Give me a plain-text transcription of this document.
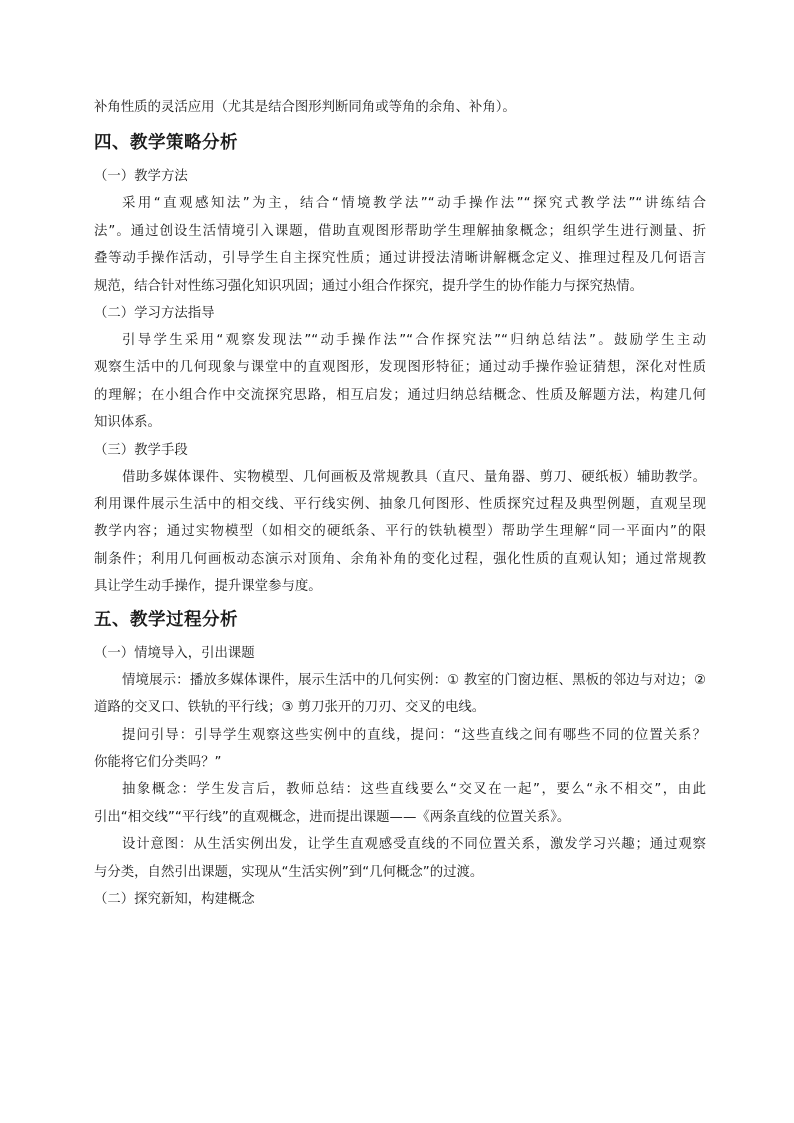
补角性质的灵活应用（尤其是结合图形判断同角或等角的余角、补角）。
四、教学策略分析
（一）教学方法
采用“直观感知法”为主，结合“情境教学法”“动手操作法”“探究式教学法”“讲练结合
法”。通过创设生活情境引入课题，借助直观图形帮助学生理解抽象概念；组织学生进行测量、折
叠等动手操作活动，引导学生自主探究性质；通过讲授法清晰讲解概念定义、推理过程及几何语言
规范，结合针对性练习强化知识巩固；通过小组合作探究，提升学生的协作能力与探究热情。
（二）学习方法指导
引导学生采用“观察发现法”“动手操作法”“合作探究法”“归纳总结法”。鼓励学生主动
观察生活中的几何现象与课堂中的直观图形，发现图形特征；通过动手操作验证猜想，深化对性质
的理解；在小组合作中交流探究思路，相互启发；通过归纳总结概念、性质及解题方法，构建几何
知识体系。
（三）教学手段
借助多媒体课件、实物模型、几何画板及常规教具（直尺、量角器、剪刀、硬纸板）辅助教学。
利用课件展示生活中的相交线、平行线实例、抽象几何图形、性质探究过程及典型例题，直观呈现
教学内容；通过实物模型（如相交的硬纸条、平行的铁轨模型）帮助学生理解“同一平面内”的限
制条件；利用几何画板动态演示对顶角、余角补角的变化过程，强化性质的直观认知；通过常规教
具让学生动手操作，提升课堂参与度。
五、教学过程分析
（一）情境导入，引出课题
情境展示：播放多媒体课件，展示生活中的几何实例：① 教室的门窗边框、黑板的邻边与对边；②
道路的交叉口、铁轨的平行线；③ 剪刀张开的刀刃、交叉的电线。
提问引导：引导学生观察这些实例中的直线，提问：“这些直线之间有哪些不同的位置关系？
你能将它们分类吗？”
抽象概念：学生发言后，教师总结：这些直线要么“交叉在一起”，要么“永不相交”，由此
引出“相交线”“平行线”的直观概念，进而提出课题——《两条直线的位置关系》。
设计意图：从生活实例出发，让学生直观感受直线的不同位置关系，激发学习兴趣；通过观察
与分类，自然引出课题，实现从“生活实例”到“几何概念”的过渡。
（二）探究新知，构建概念
